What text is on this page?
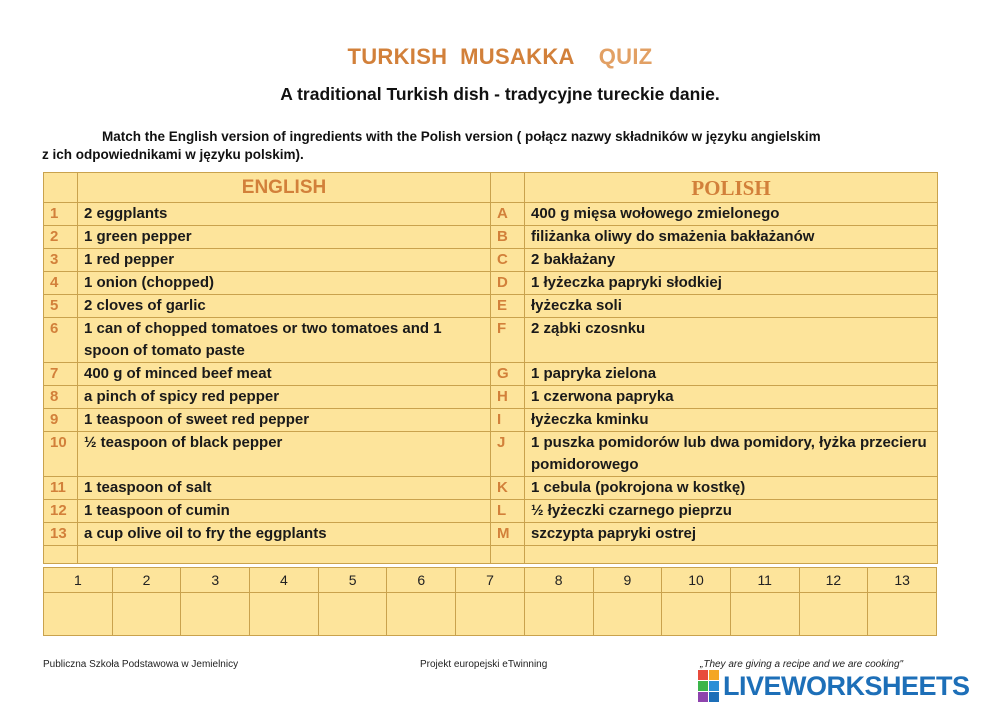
TURKISH  MUSAKKA QUIZ
A traditional Turkish dish - tradycyjne tureckie danie.
Match the English version of ingredients with the Polish version ( połącz nazwy składników w języku angielskim
z ich odpowiednikami w języku polskim).
	ENGLISH		POLISH
1	2 eggplants	A	400 g mięsa wołowego zmielonego
2	1 green pepper	B	filiżanka oliwy do smażenia bakłażanów
3	1 red pepper	C	2 bakłażany
4	1 onion (chopped)	D	1 łyżeczka papryki słodkiej
5	2 cloves of garlic	E	łyżeczka soli
6	1 can of chopped tomatoes or two tomatoes and 1 spoon of tomato paste	F	2 ząbki czosnku
7	400 g of minced beef meat	G	1 papryka zielona
8	a pinch of spicy red pepper	H	1 czerwona papryka
9	1 teaspoon of sweet red pepper	I	łyżeczka kminku
10	½ teaspoon of black pepper	J	1 puszka pomidorów lub dwa pomidory, łyżka przecieru pomidorowego
11	1 teaspoon of salt	K	1 cebula (pokrojona w kostkę)
12	1 teaspoon of cumin	L	½ łyżeczki czarnego pieprzu
13	a cup olive oil to fry the eggplants	M	szczypta papryki ostrej

1	2	3	4	5	6	7	8	9	10	11	12	13

Publiczna Szkoła Podstawowa w Jemielnicy	Projekt europejski eTwinning	„They are giving a recipe and we are cooking"
LIVEWORKSHEETS
